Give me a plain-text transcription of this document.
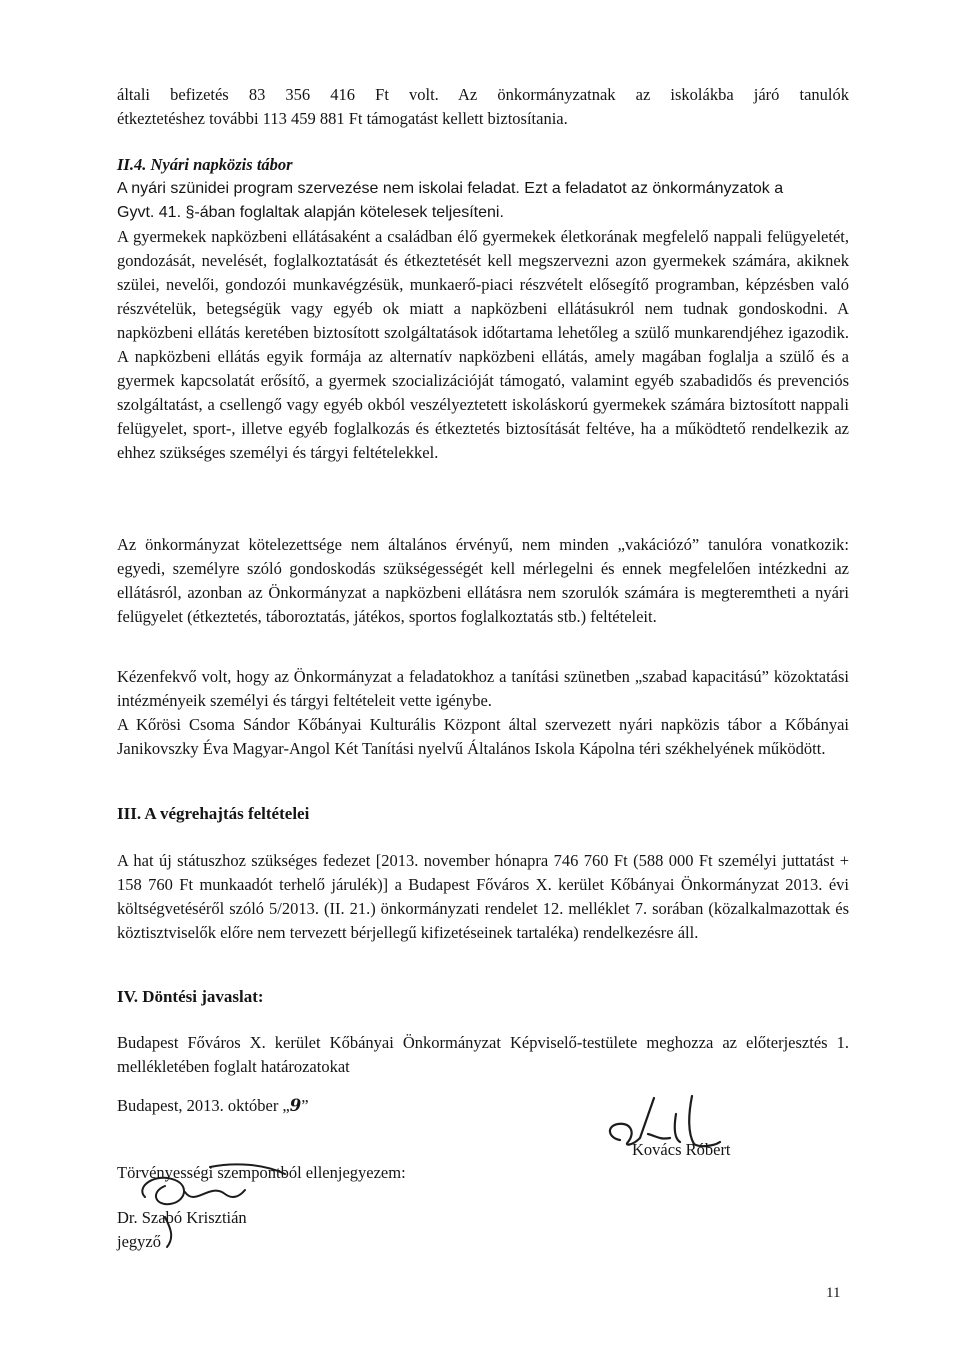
általi befizetés 83 356 416 Ft volt. Az önkormányzatnak az iskolákba járó tanulók

étkeztetéshez további 113 459 881 Ft támogatást kellett biztosítania.

II.4. Nyári napközis tábor

A nyári szünidei program szervezése nem iskolai feladat. Ezt a feladatot az önkormányzatok a

Gyvt. 41. §-ában foglaltak alapján kötelesek teljesíteni.

A gyermekek napközbeni ellátásaként a családban élő gyermekek életkorának megfelelő nappali felügyeletét, gondozását, nevelését, foglalkoztatását és étkeztetését kell megszervezni azon gyermekek számára, akiknek szülei, nevelői, gondozói munkavégzésük, munkaerő-piaci részvételt elősegítő programban, képzésben való részvételük, betegségük vagy egyéb ok miatt a napközbeni ellátásukról nem tudnak gondoskodni. A napközbeni ellátás keretében biztosított szolgáltatások időtartama lehetőleg a szülő munkarendjéhez igazodik. A napközbeni ellátás egyik formája az alternatív napközbeni ellátás, amely magában foglalja a szülő és a gyermek kapcsolatát erősítő, a gyermek szocializációját támogató, valamint egyéb szabadidős és prevenciós szolgáltatást, a csellengő vagy egyéb okból veszélyeztetett iskoláskorú gyermekek számára biztosított nappali felügyelet, sport-, illetve egyéb foglalkozás és étkeztetés biztosítását feltéve, ha a működtető rendelkezik az ehhez szükséges személyi és tárgyi feltételekkel.
Az önkormányzat kötelezettsége nem általános érvényű, nem minden „vakációzó” tanulóra vonatkozik: egyedi, személyre szóló gondoskodás szükségességét kell mérlegelni és ennek megfelelően intézkedni az ellátásról, azonban az Önkormányzat a napközbeni ellátásra nem szorulók számára is megteremtheti a nyári felügyelet (étkeztetés, táboroztatás, játékos, sportos foglalkoztatás stb.) feltételeit.

Kézenfekvő volt, hogy az Önkormányzat a feladatokhoz a tanítási szünetben „szabad kapacitású” közoktatási intézményeik személyi és tárgyi feltételeit vette igénybe.

A Kőrösi Csoma Sándor Kőbányai Kulturális Központ által szervezett nyári napközis tábor a Kőbányai Janikovszky Éva Magyar-Angol Két Tanítási nyelvű Általános Iskola Kápolna téri székhelyének működött.

III. A végrehajtás feltételei
A hat új státuszhoz szükséges fedezet [2013. november hónapra 746 760 Ft (588 000 Ft személyi juttatást + 158 760 Ft munkaadót terhelő járulék)] a Budapest Főváros X. kerület Kőbányai Önkormányzat 2013. évi költségvetéséről szóló 5/2013. (II. 21.) önkormányzati rendelet 12. melléklet 7. sorában (közalkalmazottak és köztisztviselők előre nem tervezett bérjellegű kifizetéseinek tartaléka) rendelkezésre áll.
IV. Döntési javaslat:
Budapest Főváros X. kerület Kőbányai Önkormányzat Képviselő-testülete meghozza az előterjesztés 1. mellékletében foglalt határozatokat
Budapest, 2013. október „9”
Kovács Róbert
Törvényességi szempontból ellenjegyezem:
Dr. Szabó Krisztián
jegyző
11
